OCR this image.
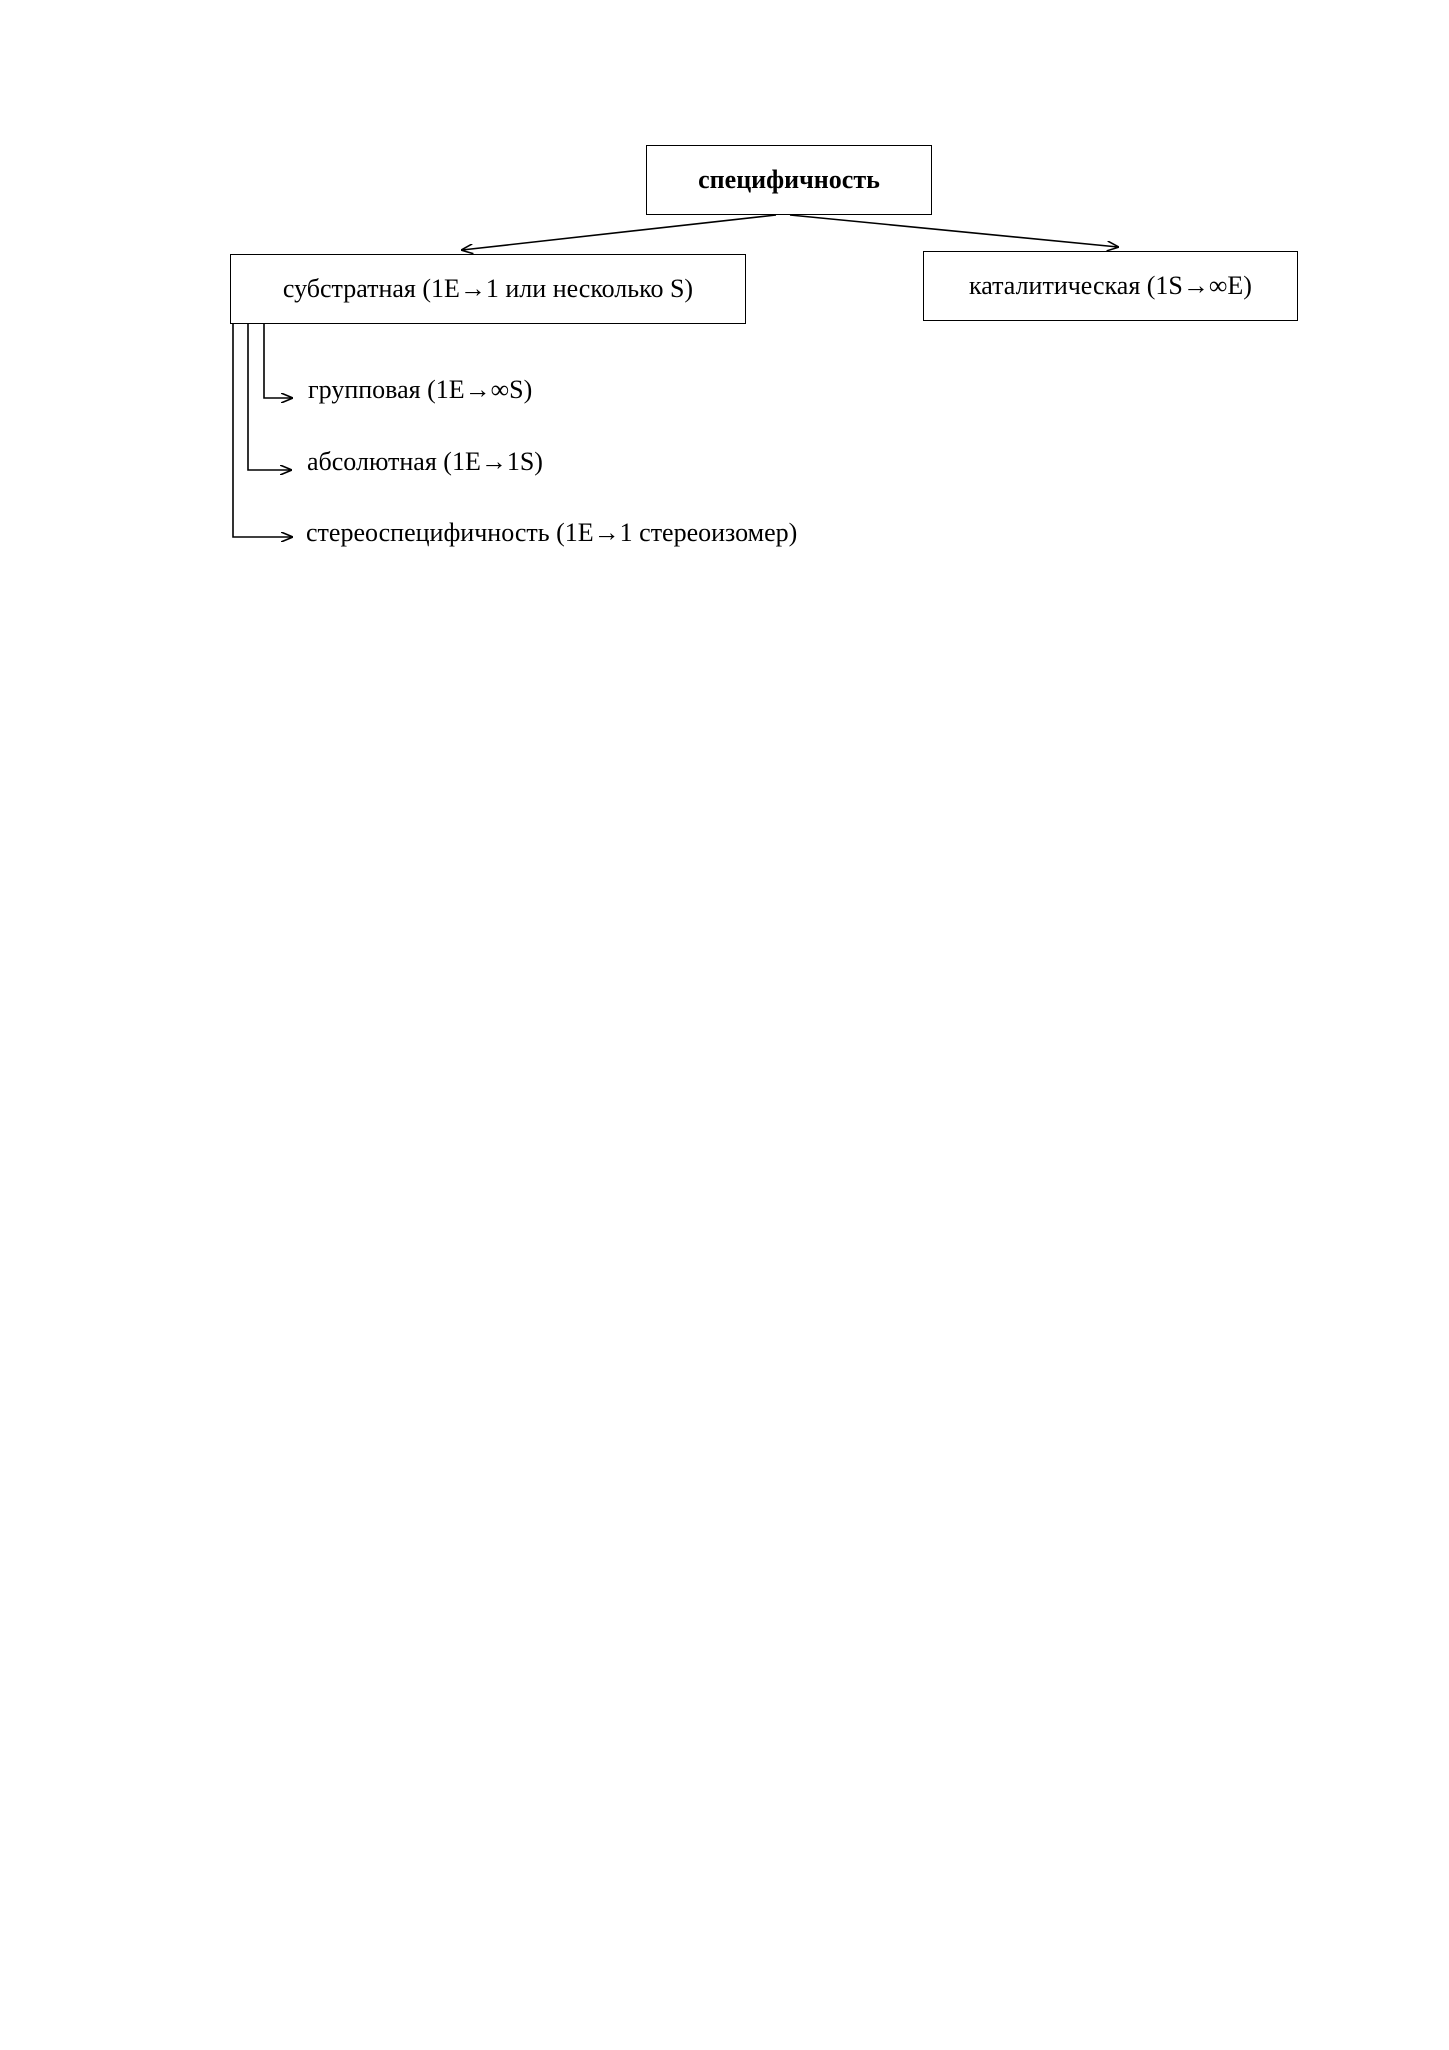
специфичность
субстратная (1E→1 или несколько S)	каталитическая (1S→∞E)
групповая (1E→∞S)
абсолютная (1E→1S)
стереоспецифичность (1E→1 стереоизомер)
